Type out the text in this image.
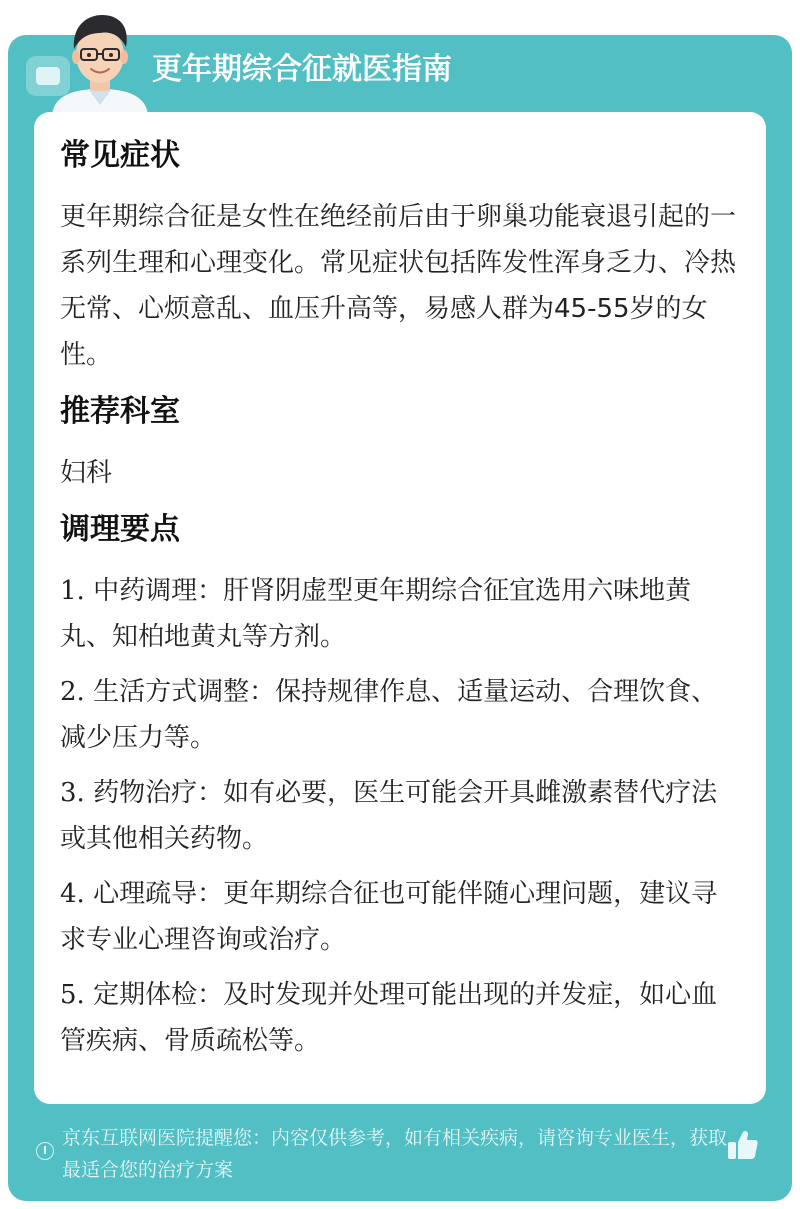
更年期综合征就医指南
常见症状
更年期综合征是女性在绝经前后由于卵巢功能衰退引起的一系列生理和心理变化。常见症状包括阵发性浑身乏力、冷热无常、心烦意乱、血压升高等，易感人群为45-55岁的女性。
推荐科室
妇科
调理要点
1. 中药调理：肝肾阴虚型更年期综合征宜选用六味地黄丸、知柏地黄丸等方剂。
2. 生活方式调整：保持规律作息、适量运动、合理饮食、减少压力等。
3. 药物治疗：如有必要，医生可能会开具雌激素替代疗法或其他相关药物。
4. 心理疏导：更年期综合征也可能伴随心理问题，建议寻求专业心理咨询或治疗。
5. 定期体检：及时发现并处理可能出现的并发症，如心血管疾病、骨质疏松等。
京东互联网医院提醒您：内容仅供参考，如有相关疾病，请咨询专业医生，获取最适合您的治疗方案
